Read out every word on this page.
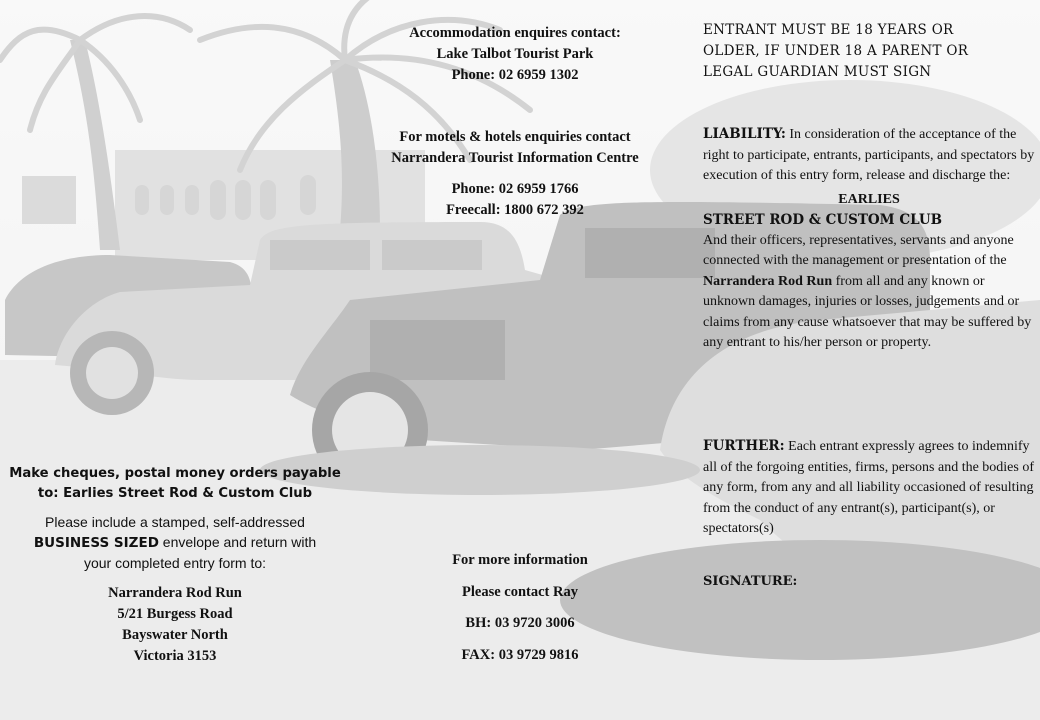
Accommodation enquires contact:
Lake Talbot Tourist Park
Phone: 02 6959 1302
For motels & hotels enquiries contact
Narrandera Tourist Information Centre
Phone: 02 6959 1766
Freecall: 1800 672 392
ENTRANT MUST BE 18 YEARS OR
OLDER, IF UNDER 18 A PARENT OR
LEGAL GUARDIAN MUST SIGN
LIABILITY: In consideration of the acceptance of the right to participate, entrants, participants, and spectators by execution of this entry form, release and discharge the:
EARLIES
STREET ROD & CUSTOM CLUB
And their officers, representatives, servants and anyone connected with the management or presentation of the Narrandera Rod Run from all and any known or unknown damages, injuries or losses, judgements and or claims from any cause whatsoever that may be suffered by any entrant to his/her person or property.
FURTHER: Each entrant expressly agrees to indemnify all of the forgoing entities, firms, persons and the bodies of any form, from any and all liability occasioned of resulting from the conduct of any entrant(s), participant(s), or spectators(s)
SIGNATURE:
Make cheques, postal money orders payable
to: Earlies Street Rod & Custom Club
Please include a stamped, self-addressed
BUSINESS SIZED envelope and return with
your completed entry form to:
Narrandera Rod Run
5/21 Burgess Road
Bayswater North
Victoria 3153
For more information
Please contact Ray
BH: 03 9720 3006
FAX: 03 9729 9816
